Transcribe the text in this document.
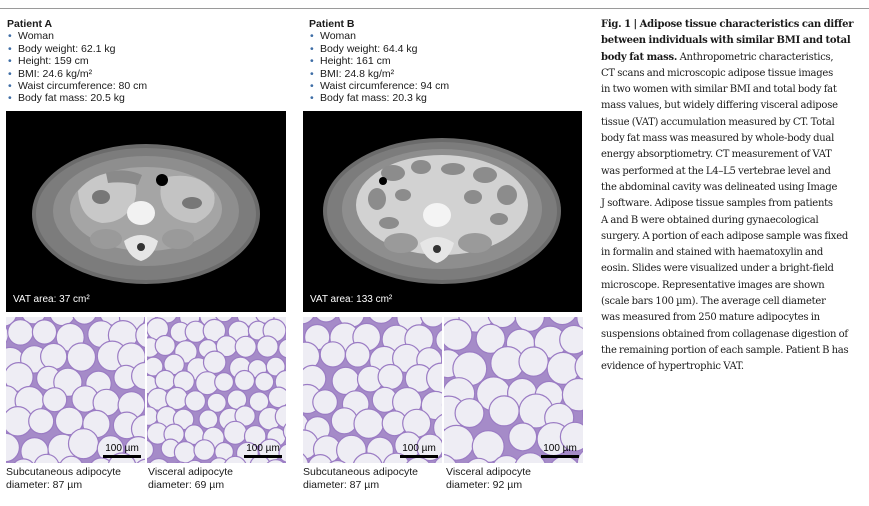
Patient A
• Woman
• Body weight: 62.1 kg
• Height: 159 cm
• BMI: 24.6 kg/m²
• Waist circumference: 80 cm
• Body fat mass: 20.5 kg
Patient B
• Woman
• Body weight: 64.4 kg
• Height: 161 cm
• BMI: 24.8 kg/m²
• Waist circumference: 94 cm
• Body fat mass: 20.3 kg
VAT area: 37 cm²	VAT area: 133 cm²
100 µm	100 µm	100 µm	100 µm
Subcutaneous adipocyte
diameter: 87 µm
Visceral adipocyte
diameter: 69 µm
Subcutaneous adipocyte
diameter: 87 µm
Visceral adipocyte
diameter: 92 µm
Fig. 1 | Adipose tissue characteristics can differ
between individuals with similar BMI and total
body fat mass. Anthropometric characteristics,
CT scans and microscopic adipose tissue images
in two women with similar BMI and total body fat
mass values, but widely differing visceral adipose
tissue (VAT) accumulation measured by CT. Total
body fat mass was measured by whole-body dual
energy absorptiometry. CT measurement of VAT
was performed at the L4–L5 vertebrae level and
the abdominal cavity was delineated using Image
J software. Adipose tissue samples from patients
A and B were obtained during gynaecological
surgery. A portion of each adipose sample was fixed
in formalin and stained with haematoxylin and
eosin. Slides were visualized under a bright-field
microscope. Representative images are shown
(scale bars 100 µm). The average cell diameter
was measured from 250 mature adipocytes in
suspensions obtained from collagenase digestion of
the remaining portion of each sample. Patient B has
evidence of hypertrophic VAT.
